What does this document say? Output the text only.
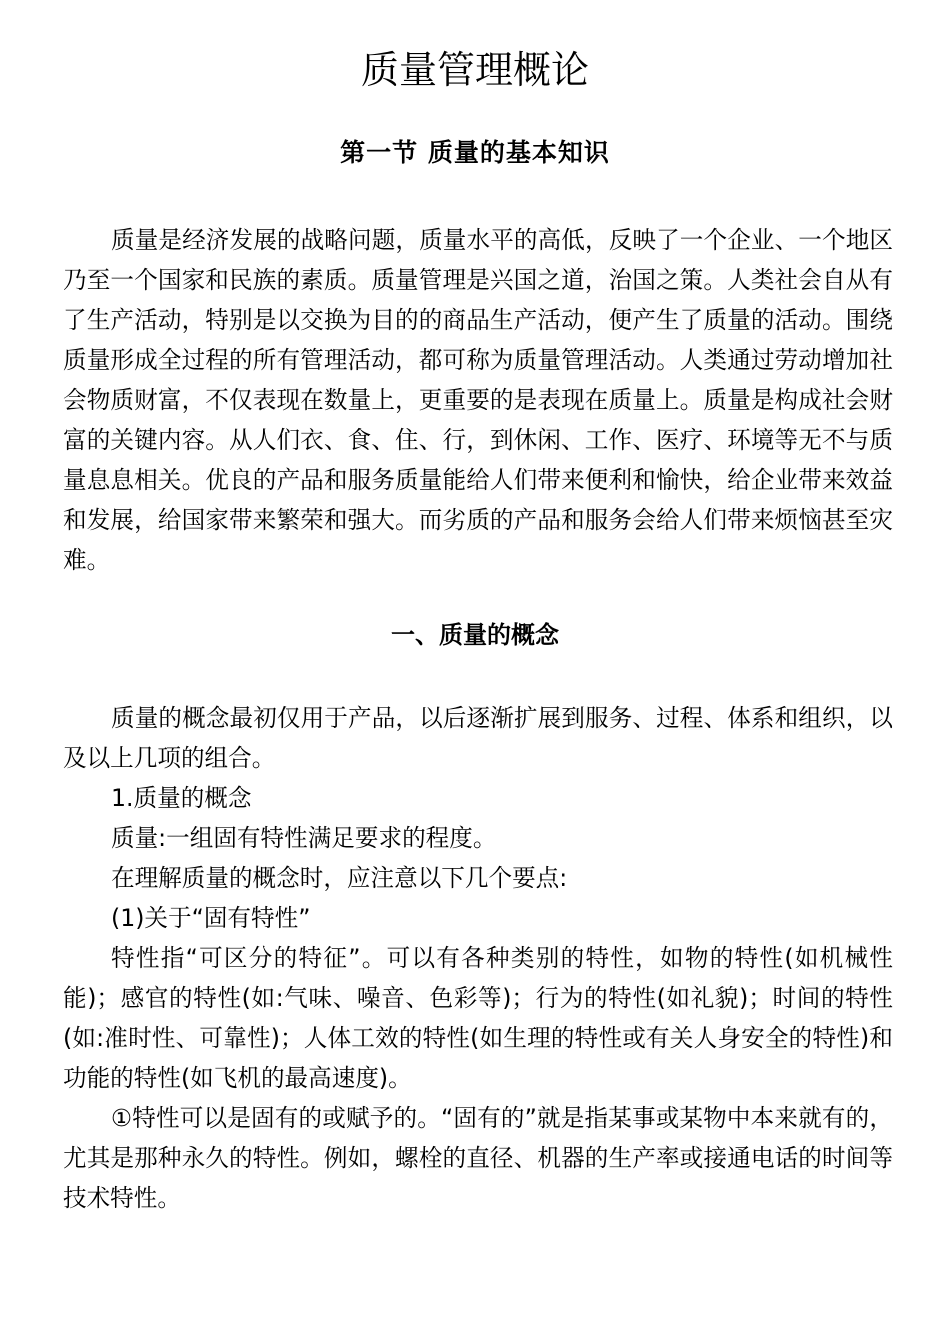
质量管理概论
第一节 质量的基本知识

质量是经济发展的战略问题，质量水平的高低，反映了一个企业、一个地区乃至一个国家和民族的素质。质量管理是兴国之道，治国之策。人类社会自从有了生产活动，特别是以交换为目的的商品生产活动，便产生了质量的活动。围绕质量形成全过程的所有管理活动，都可称为质量管理活动。人类通过劳动增加社会物质财富，不仅表现在数量上，更重要的是表现在质量上。质量是构成社会财富的关键内容。从人们衣、食、住、行，到休闲、工作、医疗、环境等无不与质量息息相关。优良的产品和服务质量能给人们带来便利和愉快，给企业带来效益和发展，给国家带来繁荣和强大。而劣质的产品和服务会给人们带来烦恼甚至灾难。

一、质量的概念

质量的概念最初仅用于产品，以后逐渐扩展到服务、过程、体系和组织，以及以上几项的组合。

1.质量的概念

质量:一组固有特性满足要求的程度。

在理解质量的概念时，应注意以下几个要点:

(1)关于“固有特性”

特性指“可区分的特征”。可以有各种类别的特性，如物的特性(如机械性能)；感官的特性(如:气味、噪音、色彩等)；行为的特性(如礼貌)；时间的特性(如:准时性、可靠性)；人体工效的特性(如生理的特性或有关人身安全的特性)和功能的特性(如飞机的最高速度)。

①特性可以是固有的或赋予的。“固有的”就是指某事或某物中本来就有的，尤其是那种永久的特性。例如，螺栓的直径、机器的生产率或接通电话的时间等技术特性。
